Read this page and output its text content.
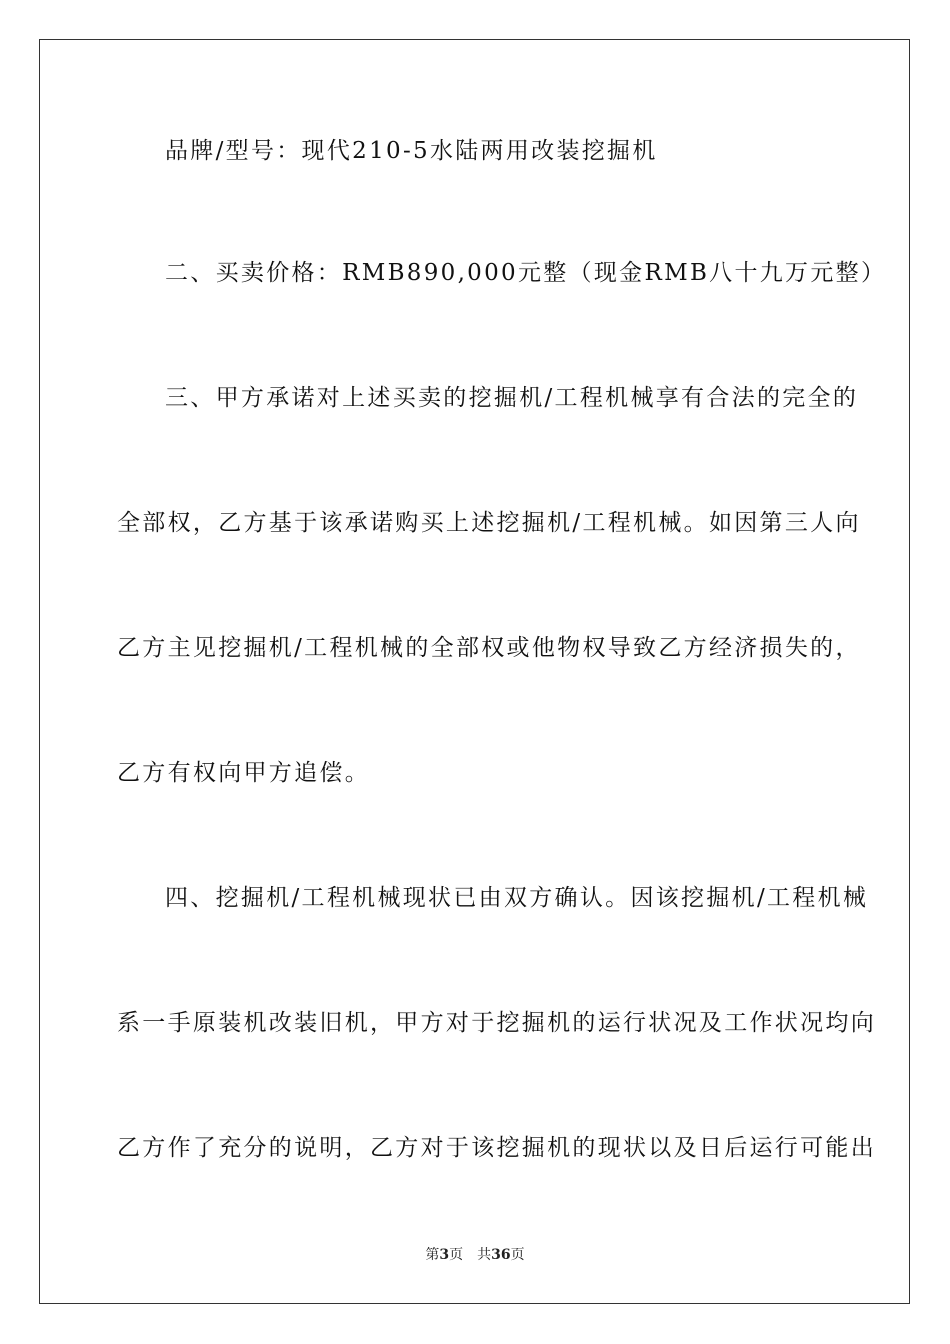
品牌/型号：现代210-5水陆两用改装挖掘机
二、买卖价格：RMB890,000元整（现金RMB八十九万元整）
三、甲方承诺对上述买卖的挖掘机/工程机械享有合法的完全的
全部权，乙方基于该承诺购买上述挖掘机/工程机械。如因第三人向
乙方主见挖掘机/工程机械的全部权或他物权导致乙方经济损失的，
乙方有权向甲方追偿。
四、挖掘机/工程机械现状已由双方确认。因该挖掘机/工程机械
系一手原装机改装旧机，甲方对于挖掘机的运行状况及工作状况均向
乙方作了充分的说明，乙方对于该挖掘机的现状以及日后运行可能出
第3页 共36页
